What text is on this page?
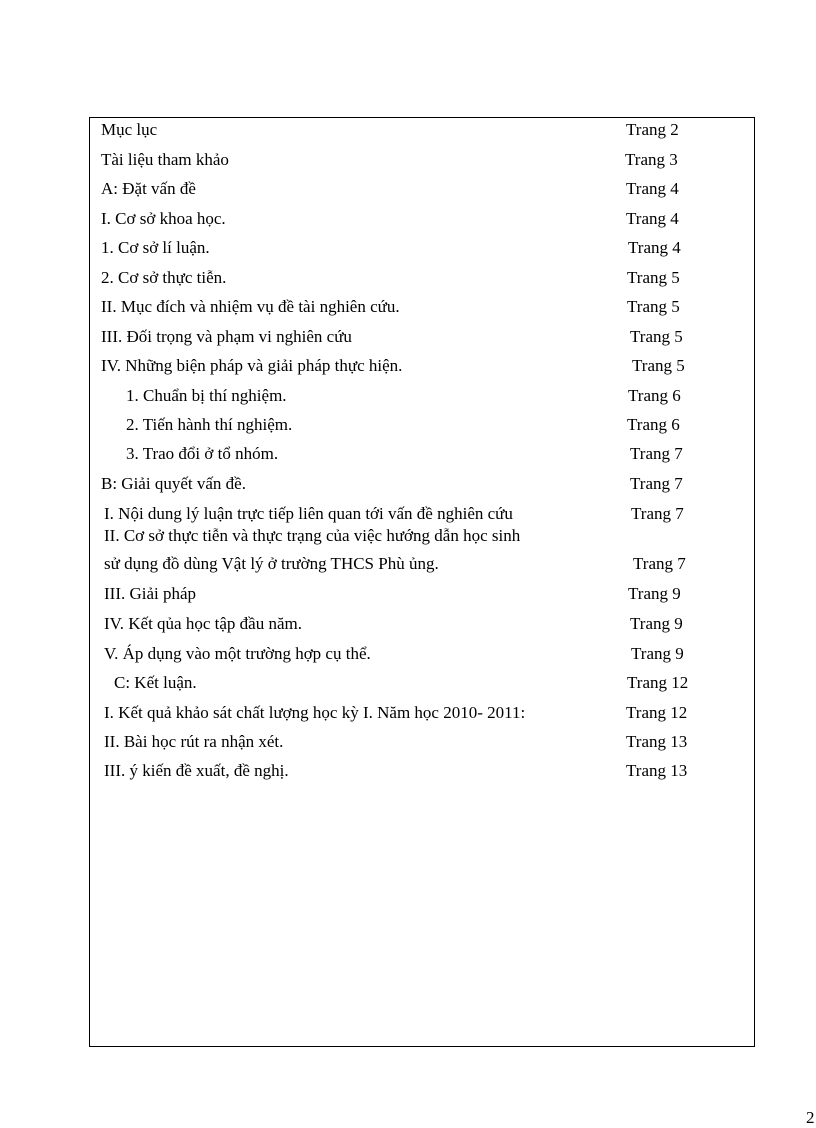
Mục lục
Tài liệu tham khảo
A: Đặt vấn đề
I. Cơ sở khoa học.
1. Cơ sở lí luận.
2. Cơ sở thực tiễn.
II. Mục đích và nhiệm vụ đề tài nghiên cứu.
III. Đối trọng và phạm vi nghiên cứu
IV. Những biện pháp và giải pháp thực hiện.
1. Chuẩn bị thí nghiệm.
2. Tiến hành thí nghiệm.
3. Trao đổi ở tổ nhóm.
B: Giải quyết vấn đề.
I. Nội dung lý luận trực tiếp liên quan tới vấn đề nghiên cứu
II. Cơ sở thực tiễn và thực trạng của việc hướng dẫn học sinh
sử dụng đồ dùng Vật lý ở trường THCS Phù ủng.
III. Giải pháp
IV. Kết qủa học tập đầu năm.
V. Áp dụng vào một trường hợp cụ thể.
C: Kết luận.
I. Kết quả khảo sát chất lượng học kỳ I. Năm học 2010- 2011:
II. Bài học rút ra nhận xét.
III. ý kiến đề xuất, đề nghị.
Trang 2
Trang 3
Trang 4
Trang 4
Trang 4
Trang 5
Trang 5
Trang 5
Trang 5
Trang 6
Trang 6
Trang 7
Trang 7
Trang 7
Trang 7
Trang 9
Trang 9
Trang 9
Trang 12
Trang 12
Trang 13
Trang 13
2
